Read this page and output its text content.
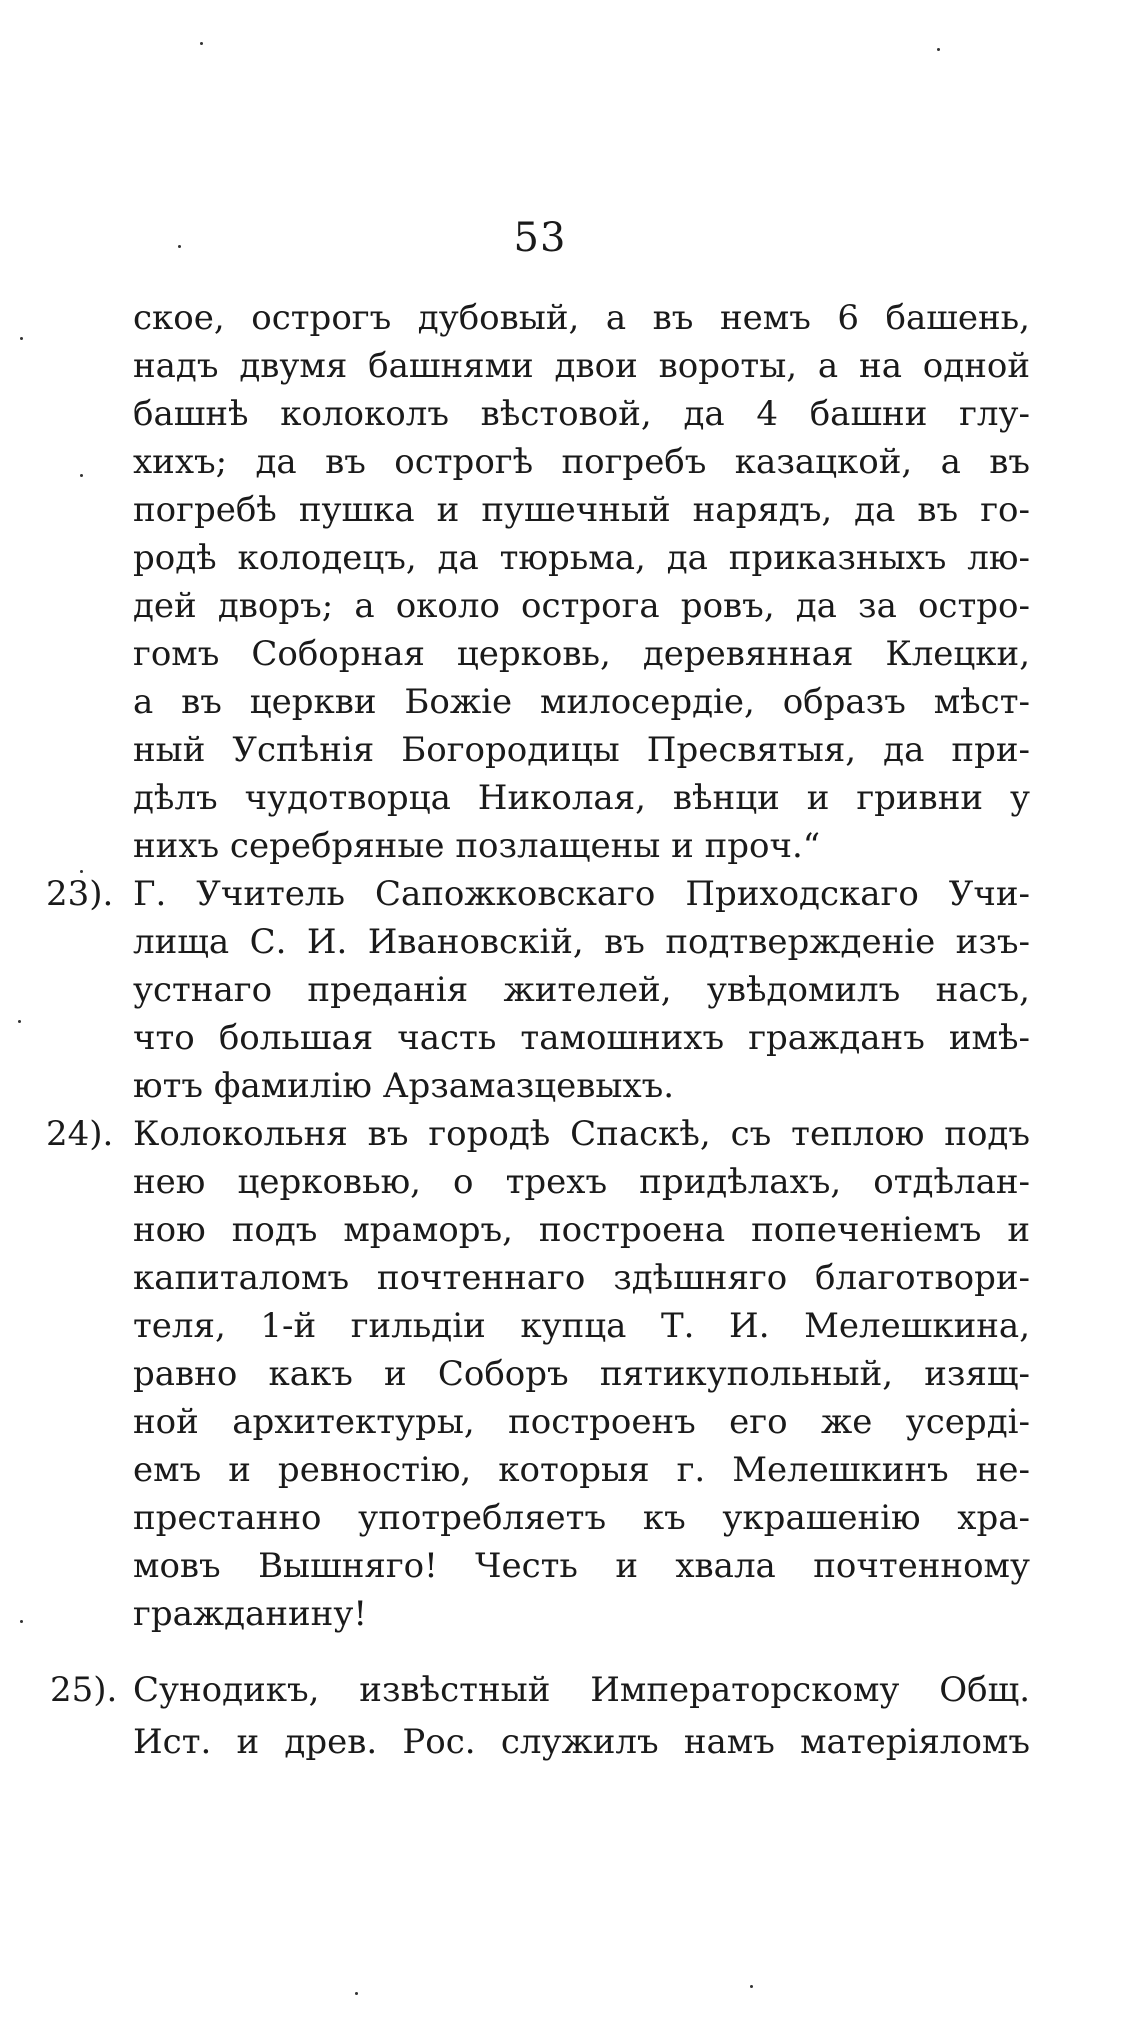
53
ское, острогъ дубовый, а въ немъ 6 башень,
надъ двумя башнями двои вороты, а на одной
башнѣ колоколъ вѣстовой, да 4 башни глу-
хихъ; да въ острогѣ погребъ казацкой, а въ
погребѣ пушка и пушечный нарядъ, да въ го-
родѣ колодецъ, да тюрьма, да приказныхъ лю-
дей дворъ; а около острога ровъ, да за остро-
гомъ Соборная церковь, деревянная Клецки,
а въ церкви Божіе милосердіе, образъ мѣст-
ный Успѣнія Богородицы Пресвятыя, да при-
дѣлъ чудотворца Николая, вѣнци и гривни у
нихъ серебряные позлащены и проч.“
23). Г. Учитель Сапожковскаго Приходскаго Учи-
лища С. И. Ивановскій, въ подтвержденіе изъ-
устнаго преданія жителей, увѣдомилъ насъ,
что большая часть тамошнихъ гражданъ имѣ-
ютъ фамилію Арзамазцевыхъ.
24). Колокольня въ городѣ Спаскѣ, съ теплою подъ
нею церковью, о трехъ придѣлахъ, отдѣлан-
ною подъ мраморъ, построена попеченіемъ и
капиталомъ почтеннаго здѣшняго благотвори-
теля, 1-й гильдіи купца Т. И. Мелешкина,
равно какъ и Соборъ пятикупольный, изящ-
ной архитектуры, построенъ его же усерді-
емъ и ревностію, которыя г. Мелешкинъ не-
престанно употребляетъ къ украшенію хра-
мовъ Вышняго! Честь и хвала почтенному
гражданину!
25). Сунодикъ, извѣстный Императорскому Общ.
Ист. и древ. Рос. служилъ намъ матеріяломъ
